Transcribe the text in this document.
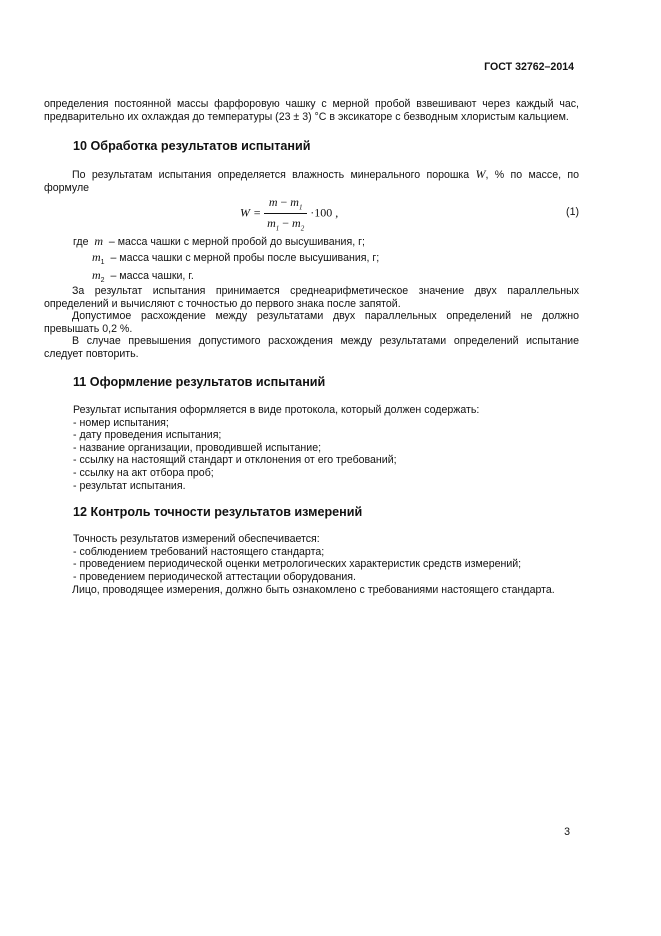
ГОСТ 32762–2014

определения постоянной массы фарфоровую чашку с мерной пробой взвешивают через каждый час, предварительно их охлаждая до температуры (23 ± 3) °С в эксикаторе с безводным хлористым кальцием.

10 Обработка результатов испытаний

По результатам испытания определяется влажность минерального порошка W, % по массе, по формуле

$W = \frac{m - m_1}{m_1 - m_2} \cdot 100$ ,	(1)
где m – масса чашки с мерной пробой до высушивания, г;
$m_1$ – масса чашки с мерной пробы после высушивания, г;
$m_2$ – масса чашки, г.

За результат испытания принимается среднеарифметическое значение двух параллельных определений и вычисляют с точностью до первого знака после запятой.

Допустимое расхождение между результатами двух параллельных определений не должно превышать 0,2 %.

В случае превышения допустимого расхождения между результатами определений испытание следует повторить.

11 Оформление результатов испытаний
Результат испытания оформляется в виде протокола, который должен содержать:
- номер испытания;
- дату проведения испытания;
- название организации, проводившей испытание;
- ссылку на настоящий стандарт и отклонения от его требований;
- ссылку на акт отбора проб;
- результат испытания.
12 Контроль точности результатов измерений
Точность результатов измерений обеспечивается:
- соблюдением требований настоящего стандарта;
- проведением периодической оценки метрологических характеристик средств измерений;
- проведением периодической аттестации оборудования.

Лицо, проводящее измерения, должно быть ознакомлено с требованиями настоящего стандарта.

3
